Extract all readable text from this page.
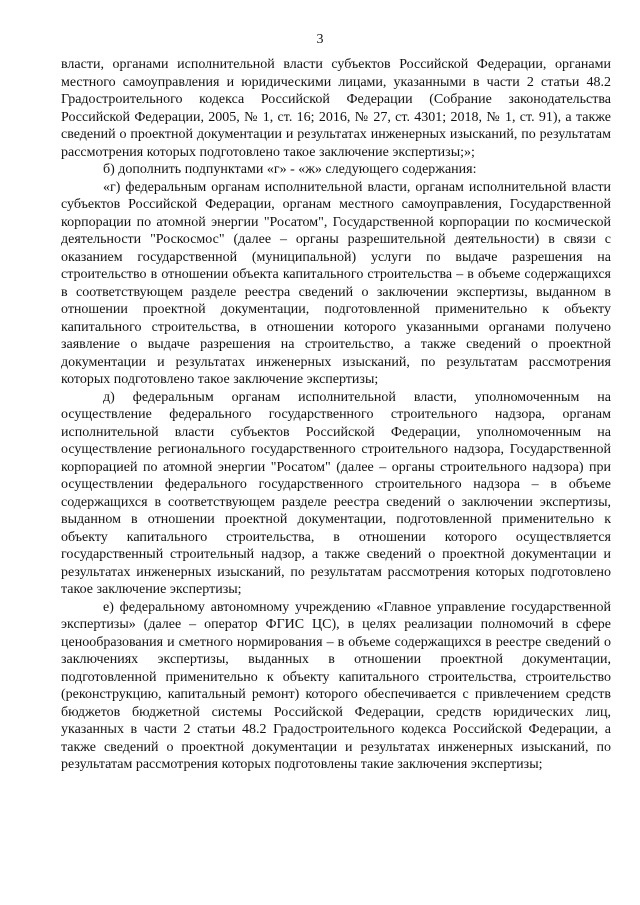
3

власти, органами исполнительной власти субъектов Российской Федерации, органами местного самоуправления и юридическими лицами, указанными в части 2 статьи 48.2 Градостроительного кодекса Российской Федерации (Собрание законодательства Российской Федерации, 2005, № 1, ст. 16; 2016, № 27, ст. 4301; 2018, № 1, ст. 91), а также сведений о проектной документации и результатах инженерных изысканий, по результатам рассмотрения которых подготовлено такое заключение экспертизы;»;

б) дополнить подпунктами «г» - «ж» следующего содержания:

«г) федеральным органам исполнительной власти, органам исполнительной власти субъектов Российской Федерации, органам местного самоуправления, Государственной корпорации по атомной энергии "Росатом", Государственной корпорации по космической деятельности "Роскосмос" (далее – органы разрешительной деятельности) в связи с оказанием государственной (муниципальной) услуги по выдаче разрешения на строительство в отношении объекта капитального строительства – в объеме содержащихся в соответствующем разделе реестра сведений о заключении экспертизы, выданном в отношении проектной документации, подготовленной применительно к объекту капитального строительства, в отношении которого указанными органами получено заявление о выдаче разрешения на строительство, а также сведений о проектной документации и результатах инженерных изысканий, по результатам рассмотрения которых подготовлено такое заключение экспертизы;

д) федеральным органам исполнительной власти, уполномоченным на осуществление федерального государственного строительного надзора, органам исполнительной власти субъектов Российской Федерации, уполномоченным на осуществление регионального государственного строительного надзора, Государственной корпорацией по атомной энергии "Росатом" (далее – органы строительного надзора) при осуществлении федерального государственного строительного надзора – в объеме содержащихся в соответствующем разделе реестра сведений о заключении экспертизы, выданном в отношении проектной документации, подготовленной применительно к объекту капитального строительства, в отношении которого осуществляется государственный строительный надзор, а также сведений о проектной документации и результатах инженерных изысканий, по результатам рассмотрения которых подготовлено такое заключение экспертизы;

е) федеральному автономному учреждению «Главное управление государственной экспертизы» (далее – оператор ФГИС ЦС), в целях реализации полномочий в сфере ценообразования и сметного нормирования – в объеме содержащихся в реестре сведений о заключениях экспертизы, выданных в отношении проектной документации, подготовленной применительно к объекту капитального строительства, строительство (реконструкцию, капитальный ремонт) которого обеспечивается с привлечением средств бюджетов бюджетной системы Российской Федерации, средств юридических лиц, указанных в части 2 статьи 48.2 Градостроительного кодекса Российской Федерации, а также сведений о проектной документации и результатах инженерных изысканий, по результатам рассмотрения которых подготовлены такие заключения экспертизы;
